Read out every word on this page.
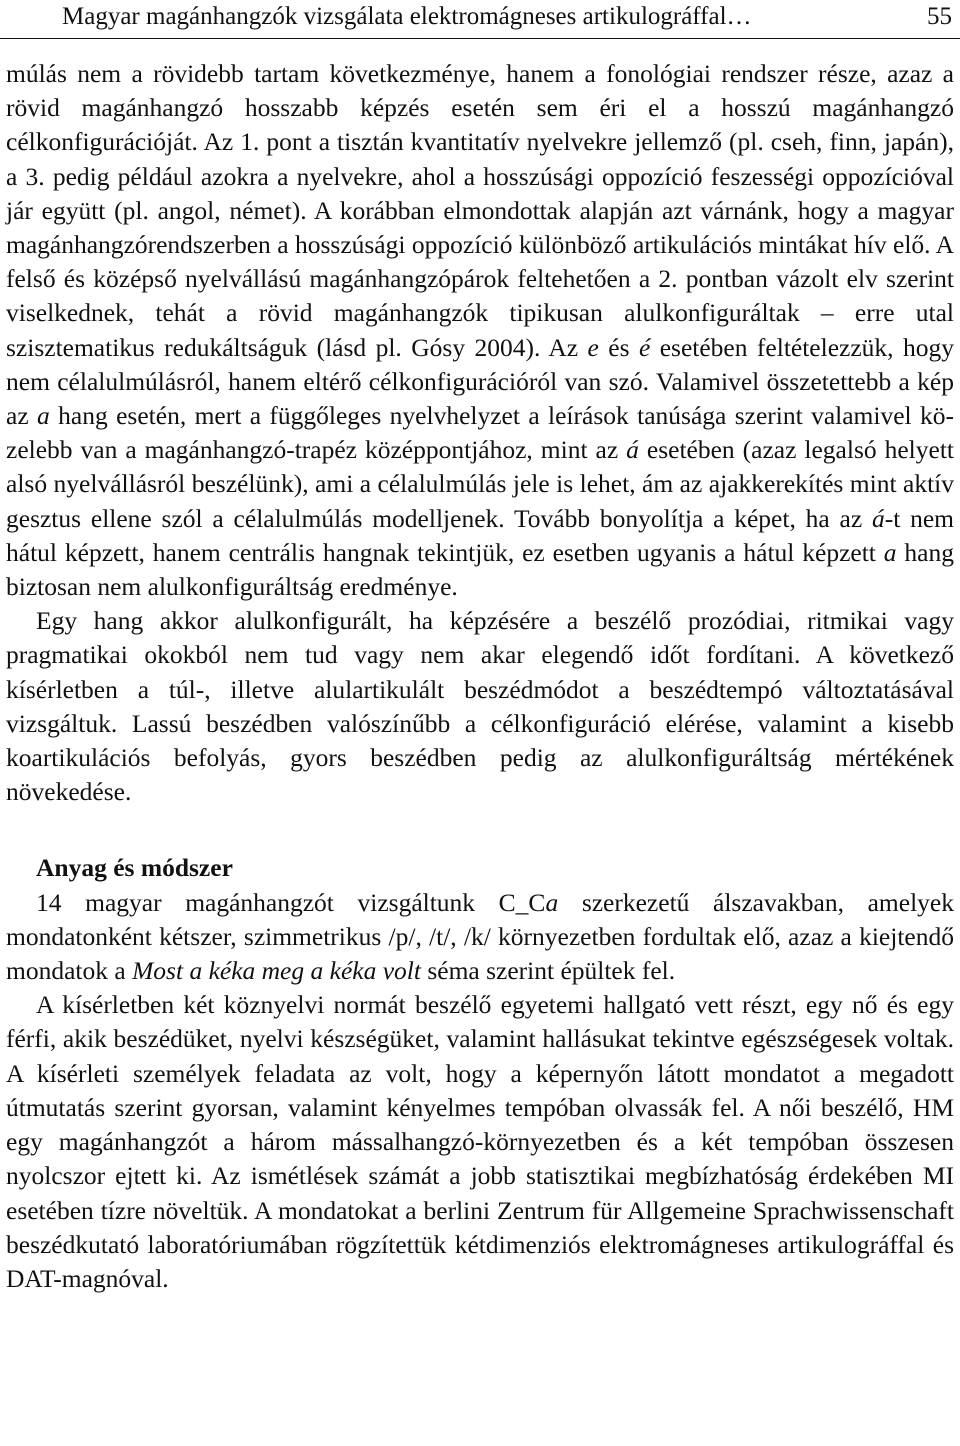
Magyar magánhangzók vizsgálata elektromágneses artikulográffal…	55

múlás nem a rövidebb tartam következménye, hanem a fonológiai rendszer része, azaz a rövid magánhangzó hosszabb képzés esetén sem éri el a hosszú magánhangzó célkonfigurációját. Az 1. pont a tisztán kvantitatív nyelvekre jellemző (pl. cseh, finn, japán), a 3. pedig például azokra a nyelvekre, ahol a hosszúsági oppozíció feszességi oppozícióval jár együtt (pl. angol, német). A korábban elmondottak alapján azt várnánk, hogy a magyar magánhangzórendszerben a hosszúsági oppozíció különböző artikulációs mintákat hív elő. A felső és középső nyelvállású magánhangzópárok feltehetően a 2. pontban vázolt elv szerint viselkednek, tehát a rövid magánhangzók tipikusan alulkonfiguráltak – erre utal szisztematikus redukáltságuk (lásd pl. Gósy 2004). Az e és é esetében feltételezzük, hogy nem célalulmúlásról, hanem eltérő célkonfigurációról van szó. Valamivel összetettebb a kép az a hang esetén, mert a függőleges nyelvhelyzet a leírások tanúsága szerint valamivel közelebb van a magánhangzó-trapéz középpontjához, mint az á esetében (azaz legalsó helyett alsó nyelvállásról beszélünk), ami a célalulmúlás jele is lehet, ám az ajakkerekítés mint aktív gesztus ellene szól a célalulmúlás modelljenek. Tovább bonyolítja a képet, ha az á-t nem hátul képzett, hanem centrális hangnak tekintjük, ez esetben ugyanis a hátul képzett a hang biztosan nem alulkonfiguráltság eredménye.

Egy hang akkor alulkonfigurált, ha képzésére a beszélő prozódiai, ritmikai vagy pragmatikai okokból nem tud vagy nem akar elegendő időt fordítani. A következő kísérletben a túl-, illetve alulartikulált beszédmódot a beszédtempó változtatásával vizsgáltuk. Lassú beszédben valószínűbb a célkonfiguráció elérése, valamint a kisebb koartikulációs befolyás, gyors beszédben pedig az alulkonfiguráltság mértékének növekedése.

Anyag és módszer

14 magyar magánhangzót vizsgáltunk C_Ca szerkezetű álszavakban, amelyek mondatonként kétszer, szimmetrikus /p/, /t/, /k/ környezetben fordultak elő, azaz a kiejtendő mondatok a Most a kéka meg a kéka volt séma szerint épültek fel.

A kísérletben két köznyelvi normát beszélő egyetemi hallgató vett részt, egy nő és egy férfi, akik beszédüket, nyelvi készségüket, valamint hallásukat tekintve egészségesek voltak. A kísérleti személyek feladata az volt, hogy a képernyőn látott mondatot a megadott útmutatás szerint gyorsan, valamint kényelmes tempóban olvassák fel. A női beszélő, HM egy magánhangzót a három mássalhangzó-környezetben és a két tempóban összesen nyolcszor ejtett ki. Az ismétlések számát a jobb statisztikai megbízhatóság érdekében MI esetében tízre növeltük. A mondatokat a berlini Zentrum für Allgemeine Sprachwissenschaft beszédkutató laboratóriumában rögzítettük kétdimenziós elektromágneses artikulográffal és DAT-magnóval.
